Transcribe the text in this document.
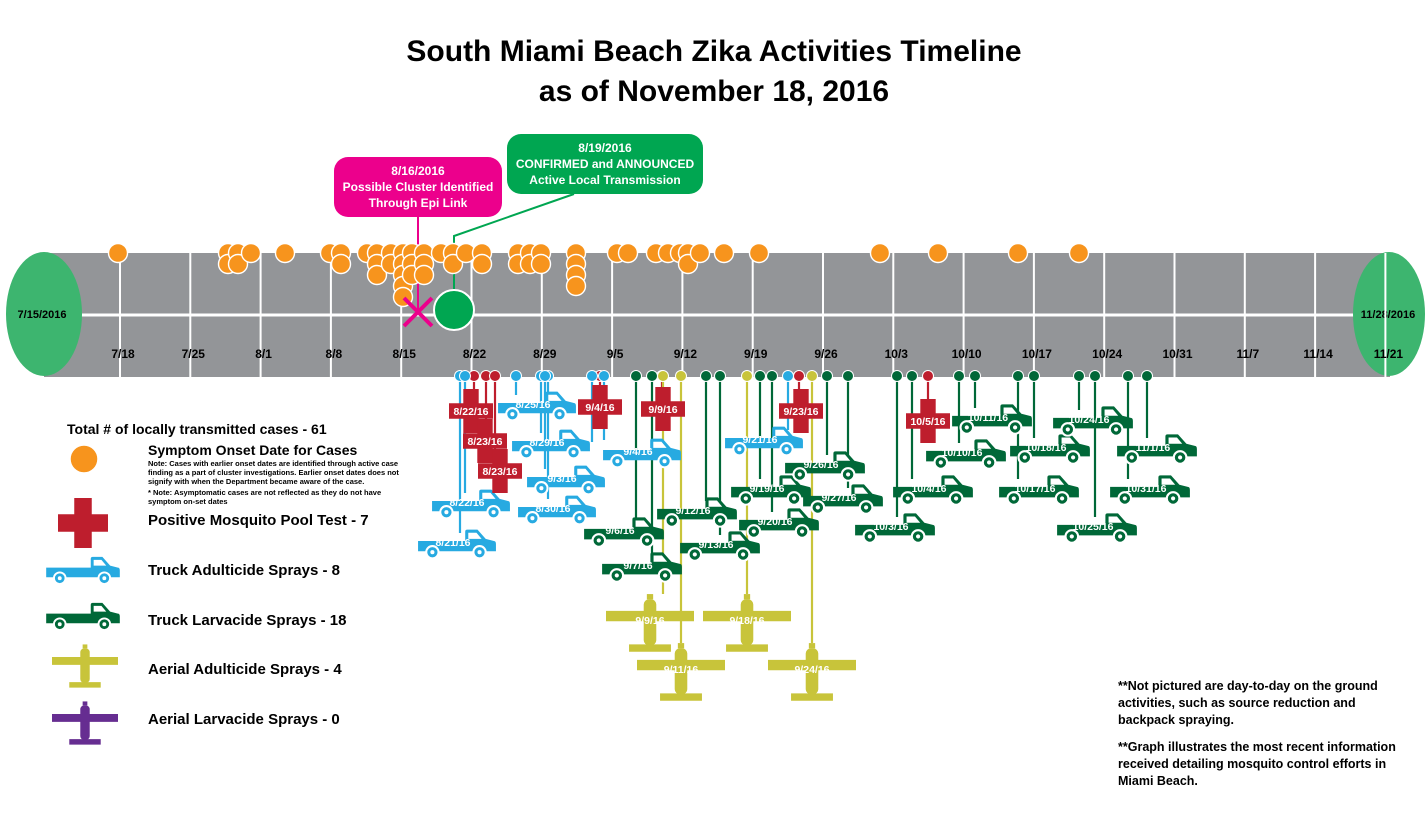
South Miami Beach Zika Activities Timeline
as of November 18, 2016
7/15/2016	11/28/2016
7/18	7/25	8/1	8/8	8/15	8/22	8/29	9/5	9/12	9/19	9/26	10/3	10/10	10/17	10/24	10/31	11/7	11/14	11/21
8/21/16
8/22/16
8/25/16
8/29/16
8/30/16
9/3/16
9/4/16
9/21/16
9/6/16
9/7/16
9/12/16
9/13/16
9/19/16
9/20/16
9/26/16
9/27/16
10/3/16
10/4/16
10/10/16
10/11/16
10/17/16
10/18/16
10/24/16
10/25/16
10/31/16
11/1/16
9/9/16
9/11/16
9/18/16
9/24/16
8/22/16
8/23/16
8/23/16
9/4/16	9/9/16	9/23/16
10/5/16
8/16/2016
Possible Cluster Identified
Through Epi Link
8/19/2016
CONFIRMED and ANNOUNCED
Active Local Transmission
Total # of locally transmitted cases - 61
Symptom Onset Date for Cases
Note: Cases with earlier onset dates are identified through active case
finding as a part of cluster investigations. Earlier onset dates does not
signify with when the Department became aware of the case.
* Note: Asymptomatic cases are not reflected as they do not have
symptom on-set dates
Positive Mosquito Pool Test - 7
Truck Adulticide Sprays - 8
Truck Larvacide Sprays - 18
Aerial Adulticide Sprays - 4
Aerial Larvacide Sprays - 0
**Not pictured are day-to-day on the ground activities, such as source reduction and backpack spraying.
**Graph illustrates the most recent information received detailing mosquito control efforts in Miami Beach.
